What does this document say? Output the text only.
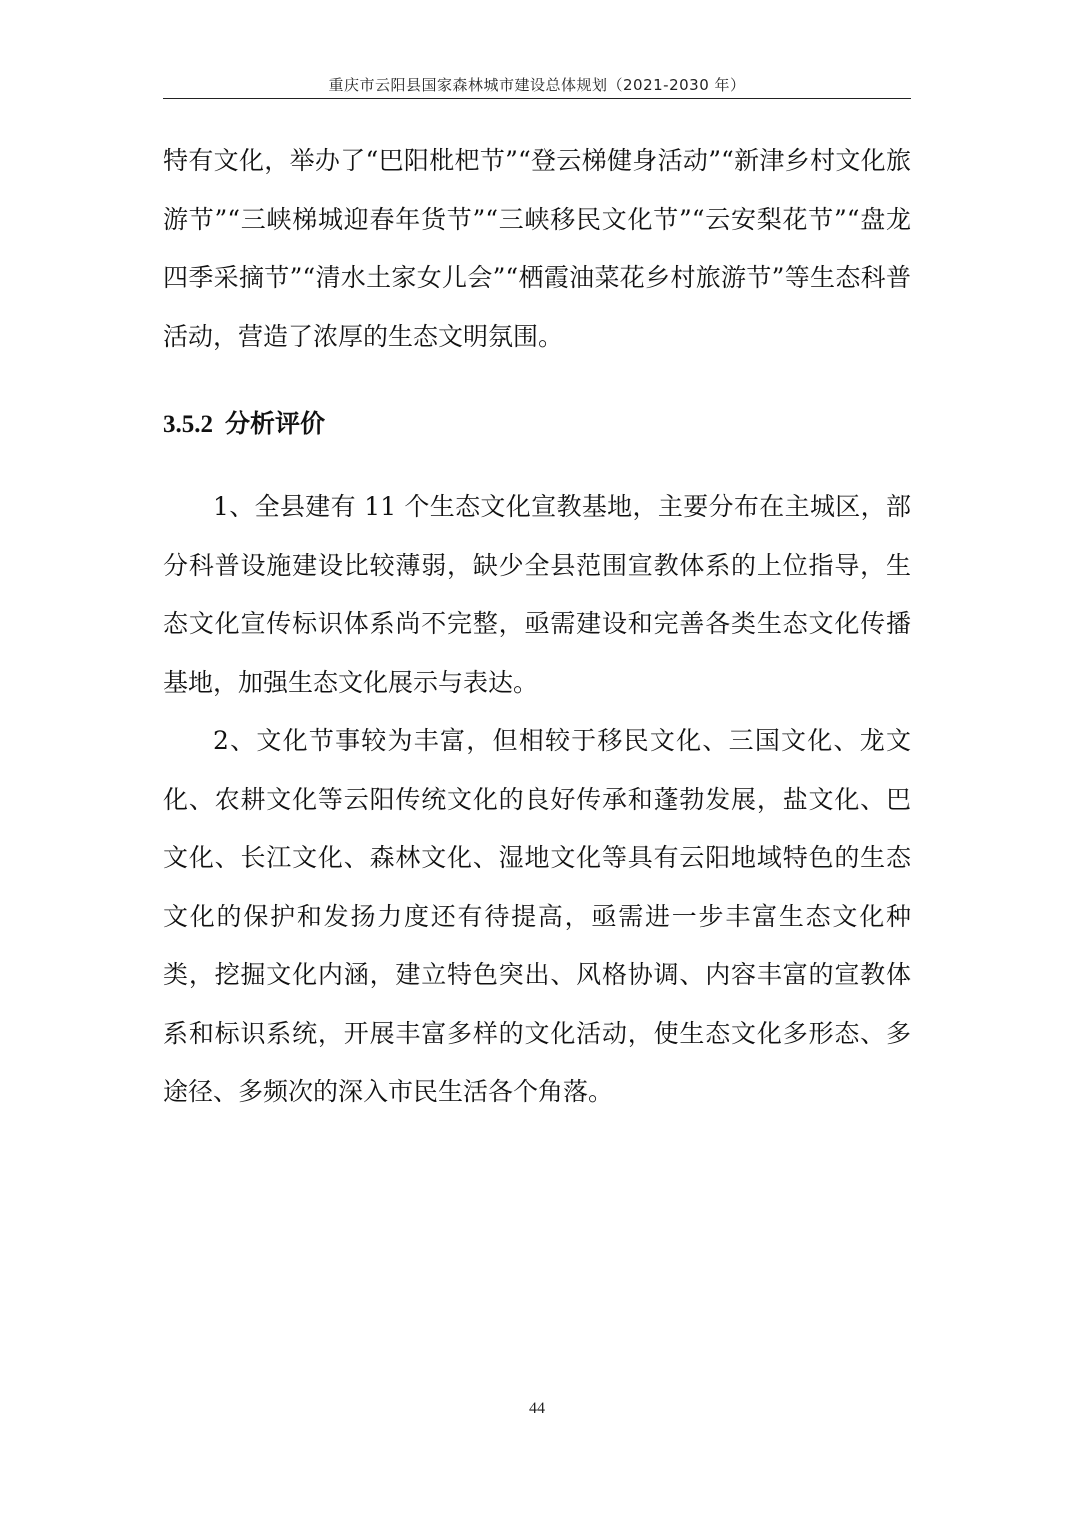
重庆市云阳县国家森林城市建设总体规划（2021-2030 年）

特有文化，举办了“巴阳枇杷节”“登云梯健身活动”“新津乡村文化旅游节”“三峡梯城迎春年货节”“三峡移民文化节”“云安梨花节”“盘龙四季采摘节”“清水土家女儿会”“栖霞油菜花乡村旅游节”等生态科普活动，营造了浓厚的生态文明氛围。

3.5.2 分析评价

1、全县建有 11 个生态文化宣教基地，主要分布在主城区，部分科普设施建设比较薄弱，缺少全县范围宣教体系的上位指导，生态文化宣传标识体系尚不完整，亟需建设和完善各类生态文化传播基地，加强生态文化展示与表达。

2、文化节事较为丰富，但相较于移民文化、三国文化、龙文化、农耕文化等云阳传统文化的良好传承和蓬勃发展，盐文化、巴文化、长江文化、森林文化、湿地文化等具有云阳地域特色的生态文化的保护和发扬力度还有待提高，亟需进一步丰富生态文化种类，挖掘文化内涵，建立特色突出、风格协调、内容丰富的宣教体系和标识系统，开展丰富多样的文化活动，使生态文化多形态、多途径、多频次的深入市民生活各个角落。

44
